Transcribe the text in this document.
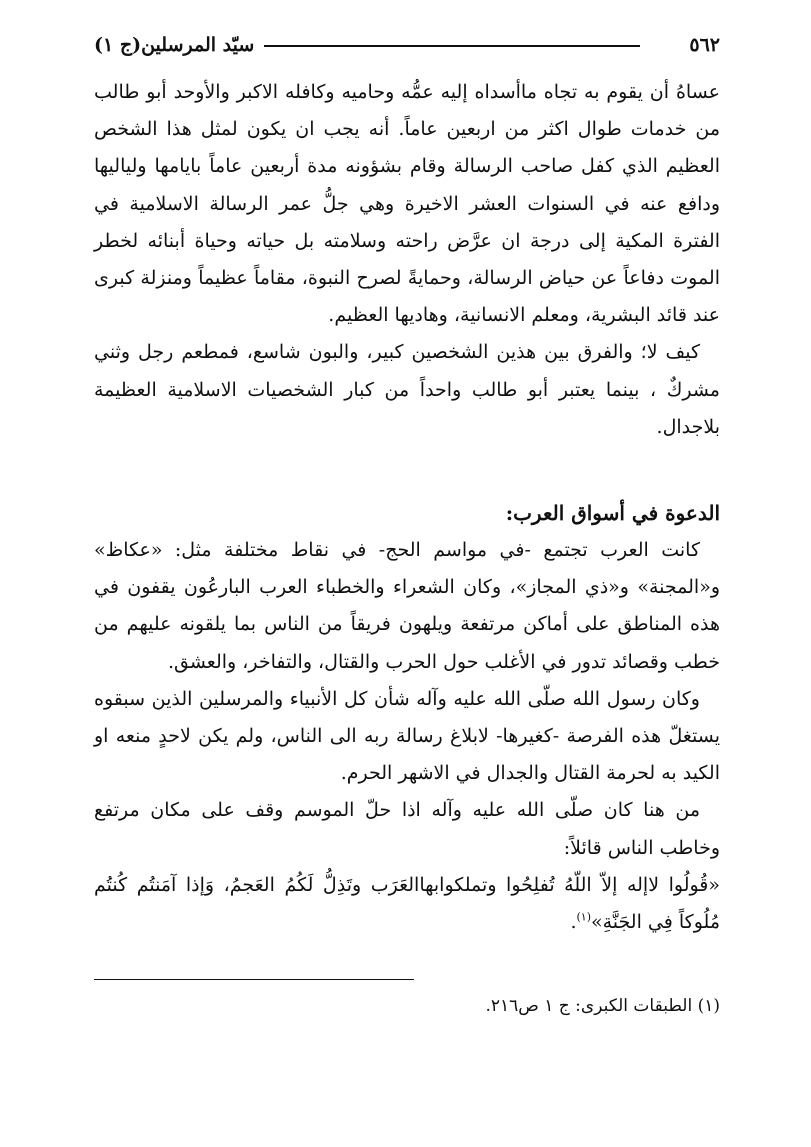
٥٦٢
سيّد المرسلين(ج ١)

عساهُ أن يقوم به تجاه ماأسداه إليه عمُّه وحاميه وكافله الاكبر والأوحد أبو طالب من خدمات طوال اكثر من اربعين عاماً. أنه يجب ان يكون لمثل هذا الشخص العظيم الذي كفل صاحب الرسالة وقام بشؤونه مدة أربعين عاماً بايامها ولياليها ودافع عنه في السنوات العشر الاخيرة وهي جلُّ عمر الرسالة الاسلامية في الفترة المكية إلى درجة ان عرَّض راحته وسلامته بل حياته وحياة أبنائه لخطر الموت دفاعاً عن حياض الرسالة، وحمايةً لصرح النبوة، مقاماً عظيماً ومنزلة كبرى عند قائد البشرية، ومعلم الانسانية، وهاديها العظيم.

كيف لا؛ والفرق بين هذين الشخصين كبير، والبون شاسع، فمطعم رجل وثني مشركٌ ، بينما يعتبر أبو طالب واحداً من كبار الشخصيات الاسلامية العظيمة بلاجدال.

الدعوة في أسواق العرب:

كانت العرب تجتمع -في مواسم الحج- في نقاط مختلفة مثل: «عكاظ» و«المجنة» و«ذي المجاز»، وكان الشعراء والخطباء العرب البارعُون يقفون في هذه المناطق على أماكن مرتفعة ويلهون فريقاً من الناس بما يلقونه عليهم من خطب وقصائد تدور في الأغلب حول الحرب والقتال، والتفاخر، والعشق.

وكان رسول الله صلّى الله عليه وآله شأن كل الأنبياء والمرسلين الذين سبقوه يستغلّ هذه الفرصة -كغيرها- لابلاغ رسالة ربه الى الناس، ولم يكن لاحدٍ منعه او الكيد به لحرمة القتال والجدال في الاشهر الحرم.

من هنا كان صلّى الله عليه وآله اذا حلّ الموسم وقف على مكان مرتفع وخاطب الناس قائلاً:

«قُولُوا لاإله إلاّ اللّهُ تُفلِحُوا وتملكوابهاالعَرَب وتَذِلُّ لَكُمُ العَجمُ، وَإذا آمَنتُم كُنتُم مُلُوكاً فِي الجَنَّةِ»$^{(١)}$.

(١) الطبقات الكبرى: ج ١ ص٢١٦.
